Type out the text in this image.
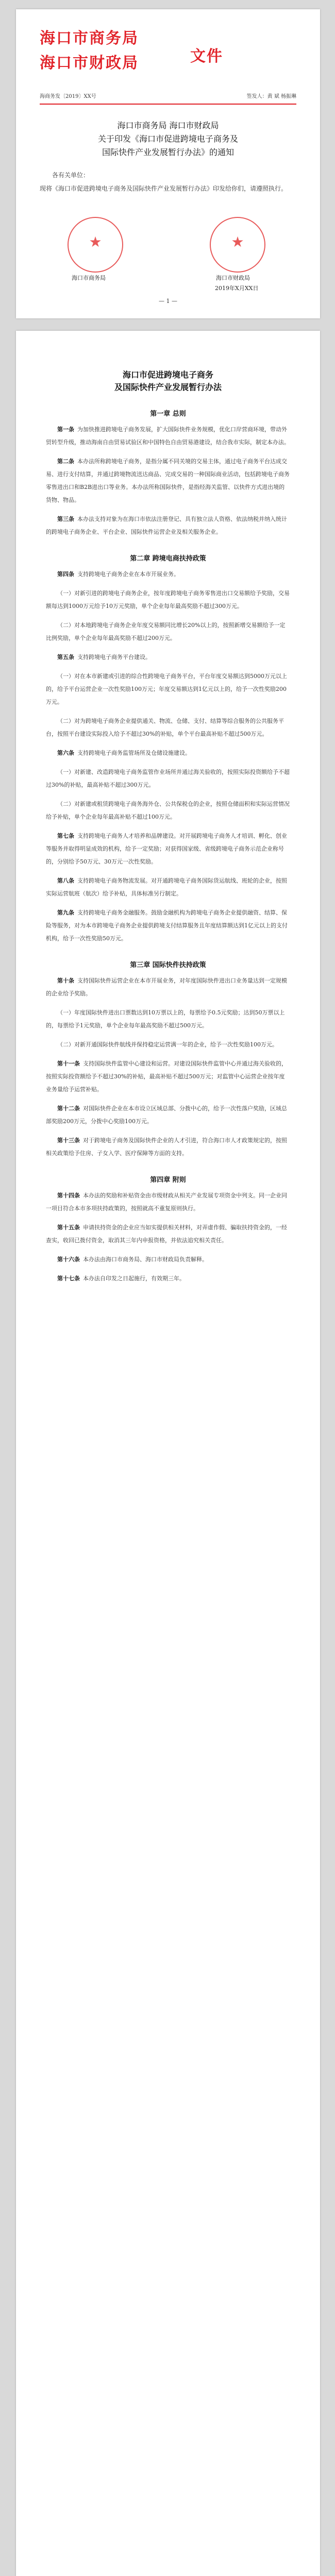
海口市商务局
海口市财政局	文件
海商务发〔2019〕XX号	签发人：黄 斌 杨振琳
海口市商务局 海口市财政局
关于印发《海口市促进跨境电子商务及
国际快件产业发展暂行办法》的通知
各有关单位：
现将《海口市促进跨境电子商务及国际快件产业发展暂行办法》印发给你们，请遵照执行。
★	★
海口市商务局	海口市财政局
2019年X月XX日
— 1 —
海口市促进跨境电子商务
及国际快件产业发展暂行办法
第一章 总则

第一条 为加快推进跨境电子商务发展，扩大国际快件业务规模，优化口岸营商环境，带动外贸转型升级，推动海南自由贸易试验区和中国特色自由贸易港建设，结合我市实际，制定本办法。

第二条 本办法所称跨境电子商务，是指分属不同关境的交易主体，通过电子商务平台达成交易、进行支付结算，并通过跨境物流送达商品、完成交易的一种国际商业活动，包括跨境电子商务零售进出口和B2B进出口等业务。本办法所称国际快件，是指经海关监管、以快件方式进出境的货物、物品。

第三条 本办法支持对象为在海口市依法注册登记、具有独立法人资格、依法纳税并纳入统计的跨境电子商务企业、平台企业、国际快件运营企业及相关服务企业。

第二章 跨境电商扶持政策

第四条 支持跨境电子商务企业在本市开展业务。

（一）对新引进的跨境电子商务企业，按年度跨境电子商务零售进出口交易额给予奖励，交易额每达到1000万元给予10万元奖励，单个企业每年最高奖励不超过300万元。

（二）对本地跨境电子商务企业年度交易额同比增长20%以上的，按照新增交易额给予一定比例奖励，单个企业每年最高奖励不超过200万元。

第五条 支持跨境电子商务平台建设。

（一）对在本市新建或引进的综合性跨境电子商务平台，平台年度交易额达到5000万元以上的，给予平台运营企业一次性奖励100万元；年度交易额达到1亿元以上的，给予一次性奖励200万元。

（二）对为跨境电子商务企业提供通关、物流、仓储、支付、结算等综合服务的公共服务平台，按照平台建设实际投入给予不超过30%的补贴，单个平台最高补贴不超过500万元。

第六条 支持跨境电子商务监管场所及仓储设施建设。

（一）对新建、改造跨境电子商务监管作业场所并通过海关验收的，按照实际投资额给予不超过30%的补贴，最高补贴不超过300万元。

（二）对新建或租赁跨境电子商务海外仓、公共保税仓的企业，按照仓储面积和实际运营情况给予补贴，单个企业每年最高补贴不超过100万元。

第七条 支持跨境电子商务人才培养和品牌建设。对开展跨境电子商务人才培训、孵化、创业等服务并取得明显成效的机构，给予一定奖励；对获得国家级、省级跨境电子商务示范企业称号的，分别给予50万元、30万元一次性奖励。

第八条 支持跨境电子商务物流发展。对开通跨境电子商务国际货运航线、班轮的企业，按照实际运营航班（航次）给予补贴，具体标准另行制定。

第九条 支持跨境电子商务金融服务。鼓励金融机构为跨境电子商务企业提供融资、结算、保险等服务，对为本市跨境电子商务企业提供跨境支付结算服务且年度结算额达到1亿元以上的支付机构，给予一次性奖励50万元。

第三章 国际快件扶持政策

第十条 支持国际快件运营企业在本市开展业务，对年度国际快件进出口业务量达到一定规模的企业给予奖励。

（一）年度国际快件进出口票数达到10万票以上的，每票给予0.5元奖励；达到50万票以上的，每票给予1元奖励，单个企业每年最高奖励不超过500万元。

（二）对新开通国际快件航线并保持稳定运营满一年的企业，给予一次性奖励100万元。

第十一条 支持国际快件监管中心建设和运营。对建设国际快件监管中心并通过海关验收的，按照实际投资额给予不超过30%的补贴，最高补贴不超过500万元；对监管中心运营企业按年度业务量给予运营补贴。

第十二条 对国际快件企业在本市设立区域总部、分拨中心的，给予一次性落户奖励，区域总部奖励200万元，分拨中心奖励100万元。

第十三条 对于跨境电子商务及国际快件企业的人才引进，符合海口市人才政策规定的，按照相关政策给予住房、子女入学、医疗保障等方面的支持。

第四章 附则

第十四条 本办法的奖励和补贴资金由市级财政从相关产业发展专项资金中列支。同一企业同一项目符合本市多项扶持政策的，按照就高不重复原则执行。

第十五条 申请扶持资金的企业应当如实提供相关材料，对弄虚作假、骗取扶持资金的，一经查实，收回已拨付资金，取消其三年内申报资格，并依法追究相关责任。

第十六条 本办法由海口市商务局、海口市财政局负责解释。

第十七条 本办法自印发之日起施行，有效期三年。
